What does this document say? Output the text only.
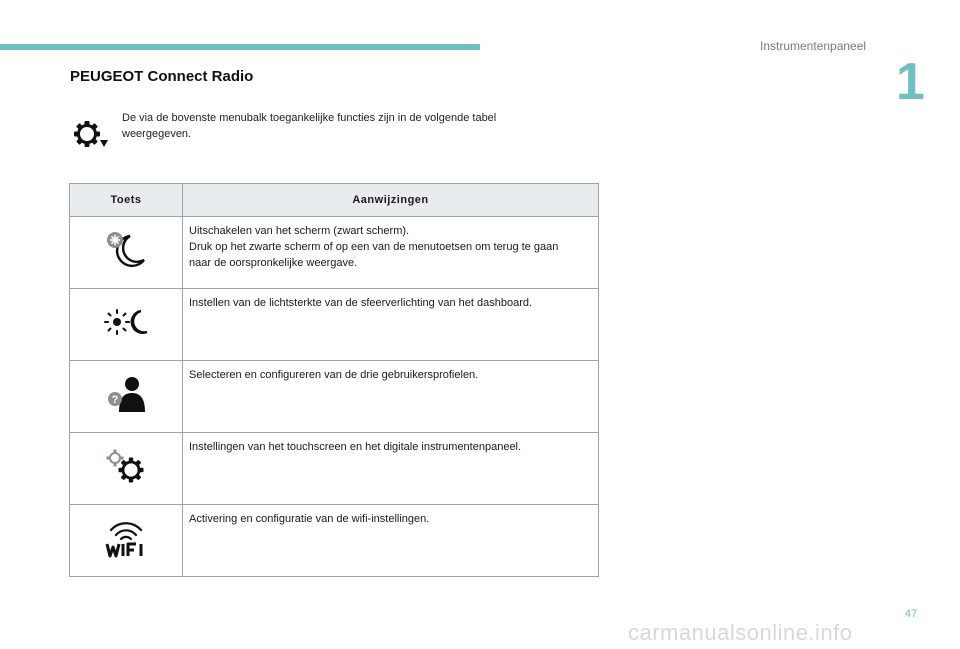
Instrumentenpaneel
1
PEUGEOT Connect Radio
De via de bovenste menubalk toegankelijke functies zijn in de volgende tabel
weergegeven.
Toets	Aanwijzingen

Uitschakelen van het scherm (zwart scherm).
Druk op het zwarte scherm of op een van de menutoetsen om terug te gaan
naar de oorspronkelijke weergave.

Instellen van de lichtsterkte van de sfeerverlichting van het dashboard.

?	Selecteren en configureren van de drie gebruikersprofielen.

Instellingen van het touchscreen en het digitale instrumentenpaneel.

Activering en configuratie van de wifi-instellingen.
47
carmanualsonline.info
